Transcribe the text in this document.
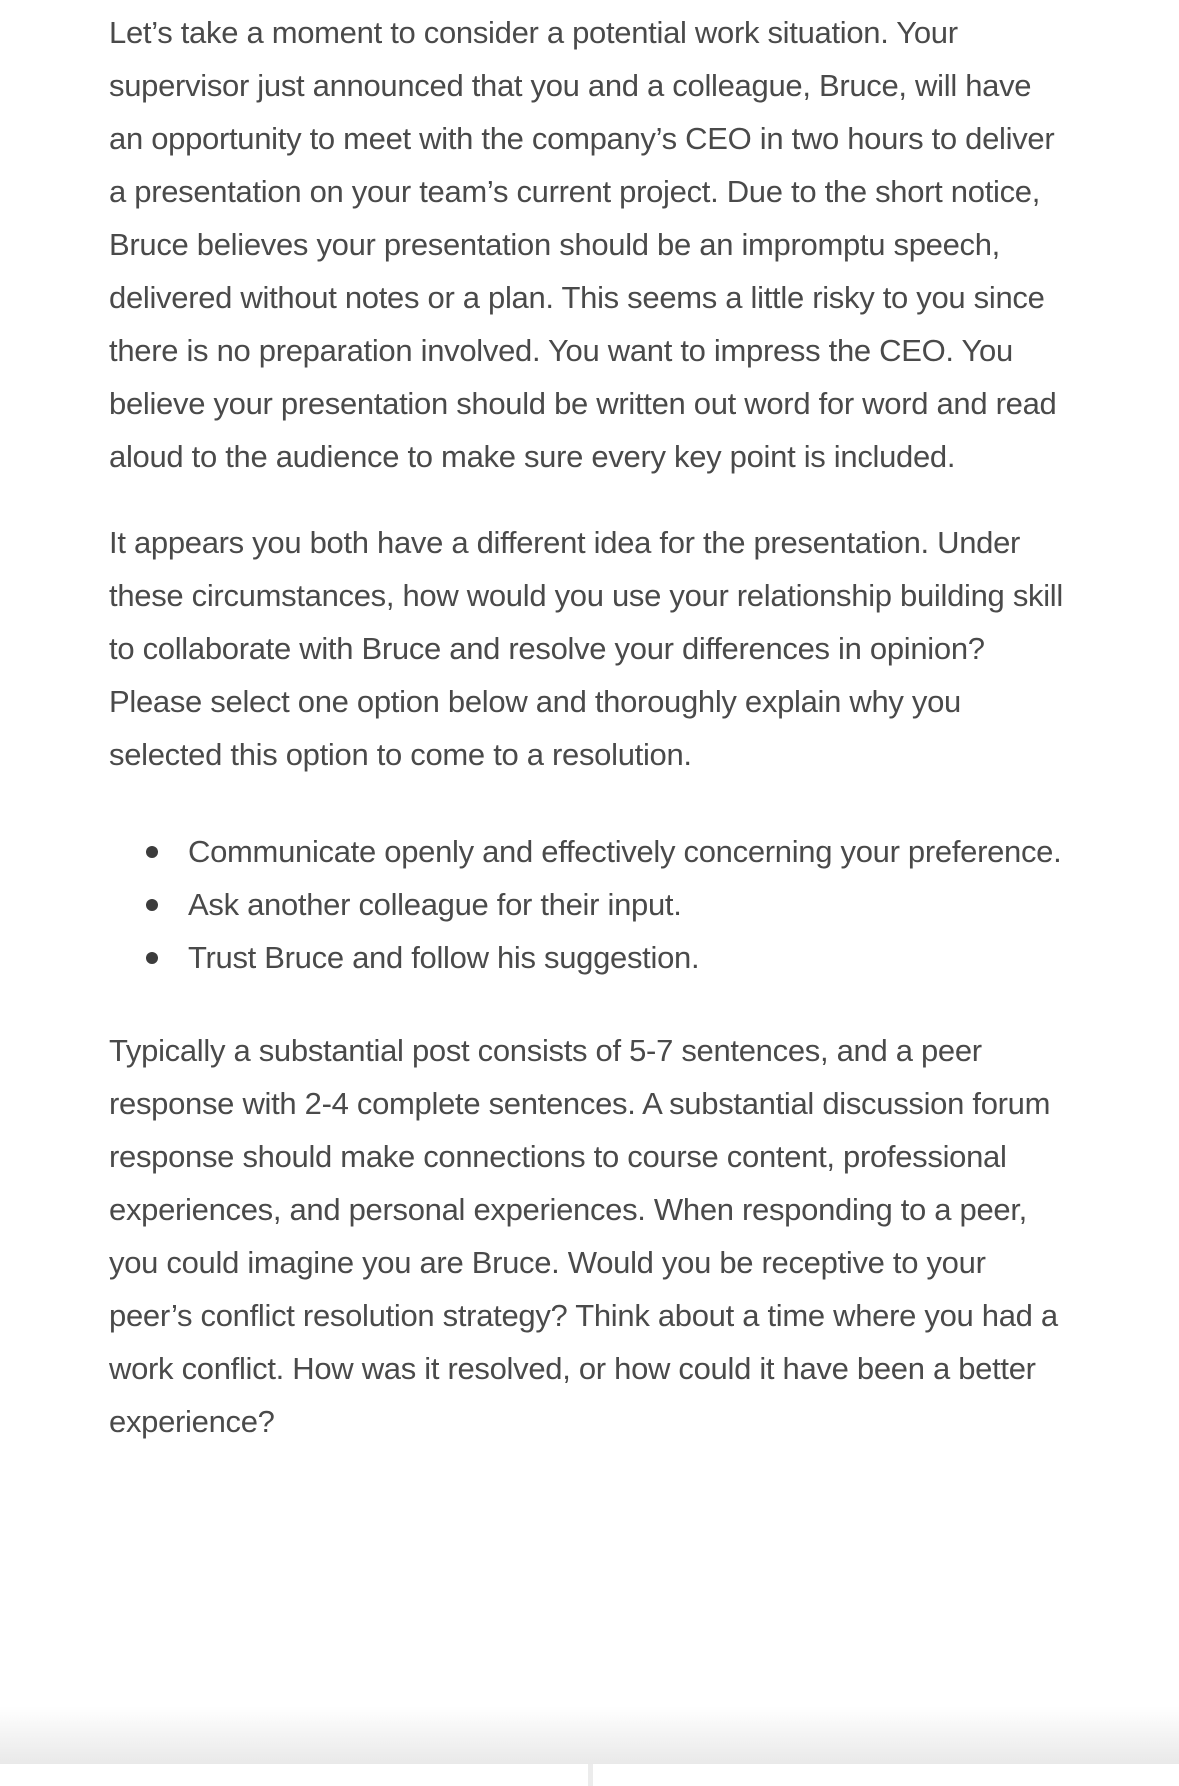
Let’s take a moment to consider a potential work situation. Your supervisor just announced that you and a colleague, Bruce, will have an opportunity to meet with the company’s CEO in two hours to deliver a presentation on your team’s current project. Due to the short notice, Bruce believes your presentation should be an impromptu speech, delivered without notes or a plan. This seems a little risky to you since there is no preparation involved. You want to impress the CEO. You believe your presentation should be written out word for word and read aloud to the audience to make sure every key point is included.

It appears you both have a different idea for the presentation. Under these circumstances, how would you use your relationship building skill to collaborate with Bruce and resolve your differences in opinion? Please select one option below and thoroughly explain why you selected this option to come to a resolution.

Communicate openly and effectively concerning your preference.
Ask another colleague for their input.
Trust Bruce and follow his suggestion.

Typically a substantial post consists of 5-7 sentences, and a peer response with 2-4 complete sentences. A substantial discussion forum response should make connections to course content, professional experiences, and personal experiences. When responding to a peer, you could imagine you are Bruce. Would you be receptive to your peer’s conflict resolution strategy? Think about a time where you had a work conflict. How was it resolved, or how could it have been a better experience?
